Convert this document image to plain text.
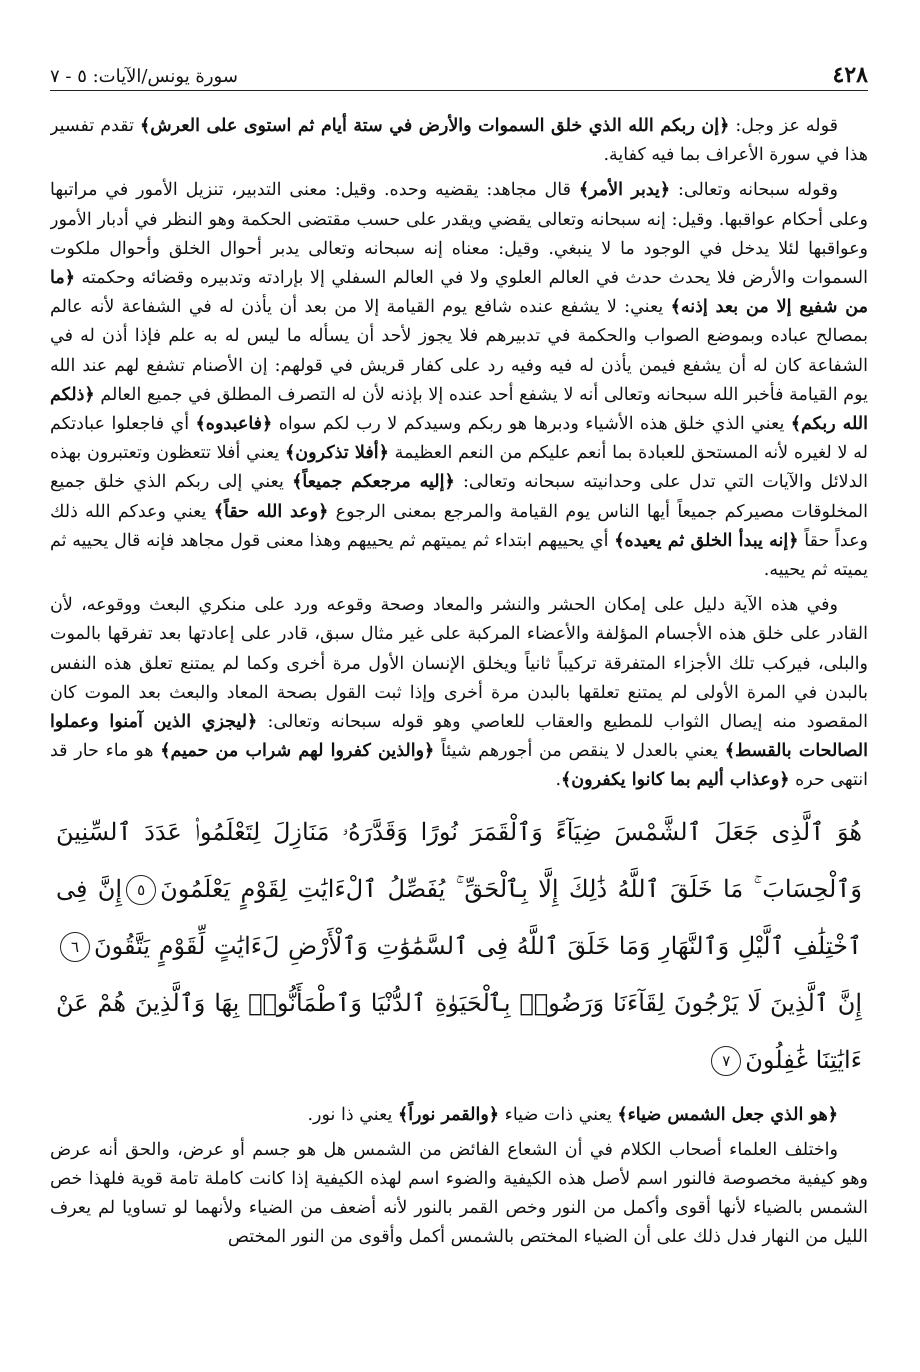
٤٢٨
سورة يونس/الآيات: ٥ - ٧

قوله عز وجل: ﴿إن ربكم الله الذي خلق السموات والأرض في ستة أيام ثم استوى على العرش﴾ تقدم تفسير هذا في سورة الأعراف بما فيه كفاية.

وقوله سبحانه وتعالى: ﴿يدبر الأمر﴾ قال مجاهد: يقضيه وحده. وقيل: معنى التدبير، تنزيل الأمور في مراتبها وعلى أحكام عواقبها. وقيل: إنه سبحانه وتعالى يقضي ويقدر على حسب مقتضى الحكمة وهو النظر في أدبار الأمور وعواقبها لئلا يدخل في الوجود ما لا ينبغي. وقيل: معناه إنه سبحانه وتعالى يدبر أحوال الخلق وأحوال ملكوت السموات والأرض فلا يحدث حدث في العالم العلوي ولا في العالم السفلي إلا بإرادته وتدبيره وقضائه وحكمته ﴿ما من شفيع إلا من بعد إذنه﴾ يعني: لا يشفع عنده شافع يوم القيامة إلا من بعد أن يأذن له في الشفاعة لأنه عالم بمصالح عباده وبموضع الصواب والحكمة في تدبيرهم فلا يجوز لأحد أن يسأله ما ليس له به علم فإذا أذن له في الشفاعة كان له أن يشفع فيمن يأذن له فيه وفيه رد على كفار قريش في قولهم: إن الأصنام تشفع لهم عند الله يوم القيامة فأخبر الله سبحانه وتعالى أنه لا يشفع أحد عنده إلا بإذنه لأن له التصرف المطلق في جميع العالم ﴿ذلكم الله ربكم﴾ يعني الذي خلق هذه الأشياء ودبرها هو ربكم وسيدكم لا رب لكم سواه ﴿فاعبدوه﴾ أي فاجعلوا عبادتكم له لا لغيره لأنه المستحق للعبادة بما أنعم عليكم من النعم العظيمة ﴿أفلا تذكرون﴾ يعني أفلا تتعظون وتعتبرون بهذه الدلائل والآيات التي تدل على وحدانيته سبحانه وتعالى: ﴿إليه مرجعكم جميعاً﴾ يعني إلى ربكم الذي خلق جميع المخلوقات مصيركم جميعاً أيها الناس يوم القيامة والمرجع بمعنى الرجوع ﴿وعد الله حقاً﴾ يعني وعدكم الله ذلك وعداً حقاً ﴿إنه يبدأ الخلق ثم يعيده﴾ أي يحييهم ابتداء ثم يميتهم ثم يحييهم وهذا معنى قول مجاهد فإنه قال يحييه ثم يميته ثم يحييه.

وفي هذه الآية دليل على إمكان الحشر والنشر والمعاد وصحة وقوعه ورد على منكري البعث ووقوعه، لأن القادر على خلق هذه الأجسام المؤلفة والأعضاء المركبة على غير مثال سبق، قادر على إعادتها بعد تفرقها بالموت والبلى، فيركب تلك الأجزاء المتفرقة تركيباً ثانياً ويخلق الإنسان الأول مرة أخرى وكما لم يمتنع تعلق هذه النفس بالبدن في المرة الأولى لم يمتنع تعلقها بالبدن مرة أخرى وإذا ثبت القول بصحة المعاد والبعث بعد الموت كان المقصود منه إيصال الثواب للمطيع والعقاب للعاصي وهو قوله سبحانه وتعالى: ﴿ليجزي الذين آمنوا وعملوا الصالحات بالقسط﴾ يعني بالعدل لا ينقص من أجورهم شيئاً ﴿والذين كفروا لهم شراب من حميم﴾ هو ماء حار قد انتهى حره ﴿وعذاب أليم بما كانوا يكفرون﴾.

هُوَ ٱلَّذِى جَعَلَ ٱلشَّمْسَ ضِيَآءً وَٱلْقَمَرَ نُورًا وَقَدَّرَهُۥ مَنَازِلَ لِتَعْلَمُوا۟ عَدَدَ ٱلسِّنِينَ وَٱلْحِسَابَ ۚ مَا خَلَقَ ٱللَّهُ ذَٰلِكَ إِلَّا بِٱلْحَقِّ ۚ يُفَصِّلُ ٱلْءَايَٰتِ لِقَوْمٍ يَعْلَمُونَ٥إِنَّ فِى ٱخْتِلَٰفِ ٱلَّيْلِ وَٱلنَّهَارِ وَمَا خَلَقَ ٱللَّهُ فِى ٱلسَّمَٰوَٰتِ وَٱلْأَرْضِ لَءَايَٰتٍ لِّقَوْمٍ يَتَّقُونَ٦إِنَّ ٱلَّذِينَ لَا يَرْجُونَ لِقَآءَنَا وَرَضُوا۟ بِٱلْحَيَوٰةِ ٱلدُّنْيَا وَٱطْمَأَنُّوا۟ بِهَا وَٱلَّذِينَ هُمْ عَنْ ءَايَٰتِنَا غَٰفِلُونَ٧

﴿هو الذي جعل الشمس ضياء﴾ يعني ذات ضياء ﴿والقمر نوراً﴾ يعني ذا نور.

واختلف العلماء أصحاب الكلام في أن الشعاع الفائض من الشمس هل هو جسم أو عرض، والحق أنه عرض وهو كيفية مخصوصة فالنور اسم لأصل هذه الكيفية والضوء اسم لهذه الكيفية إذا كانت كاملة تامة قوية فلهذا خص الشمس بالضياء لأنها أقوى وأكمل من النور وخص القمر بالنور لأنه أضعف من الضياء ولأنهما لو تساويا لم يعرف الليل من النهار فدل ذلك على أن الضياء المختص بالشمس أكمل وأقوى من النور المختص
